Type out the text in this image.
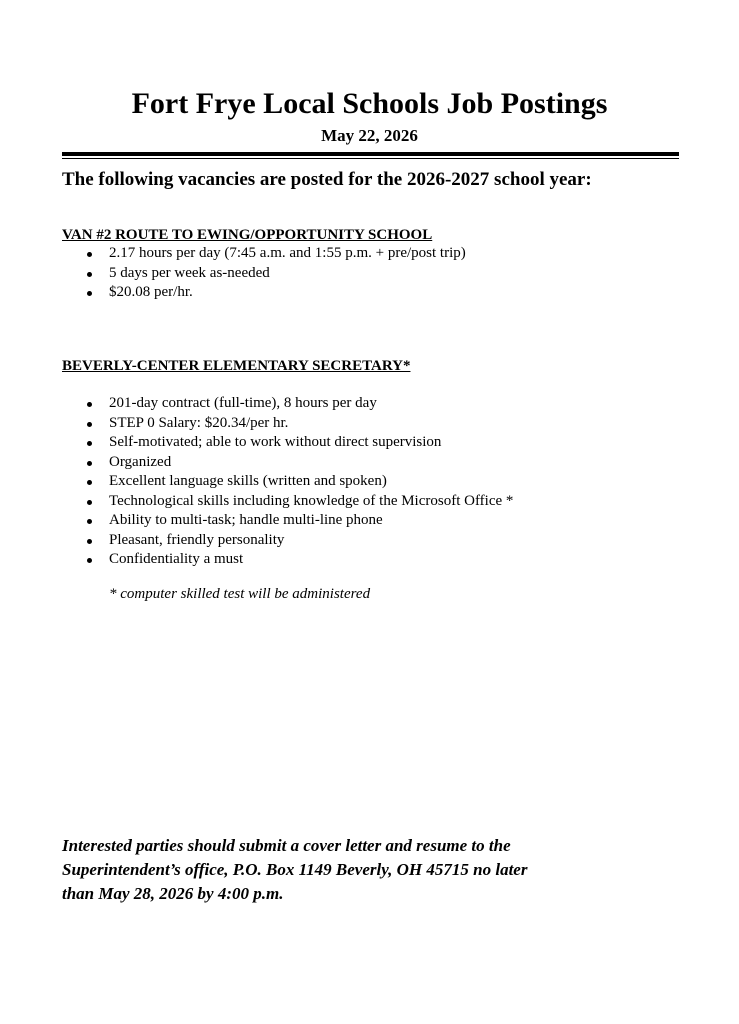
Fort Frye Local Schools Job Postings
May 22, 2026

The following vacancies are posted for the 2026-2027 school year:

VAN #2 ROUTE TO EWING/OPPORTUNITY SCHOOL
2.17 hours per day (7:45 a.m. and 1:55 p.m. + pre/post trip)
5 days per week as-needed
$20.08 per/hr.
BEVERLY-CENTER ELEMENTARY SECRETARY*
201-day contract (full-time), 8 hours per day
STEP 0 Salary: $20.34/per hr.
Self-motivated; able to work without direct supervision
Organized
Excellent language skills (written and spoken)
Technological skills including knowledge of the Microsoft Office *
Ability to multi-task; handle multi-line phone
Pleasant, friendly personality
Confidentiality a must

* computer skilled test will be administered

Interested parties should submit a cover letter and resume to the
Superintendent’s office, P.O. Box 1149 Beverly, OH 45715 no later
than May 28, 2026 by 4:00 p.m.
